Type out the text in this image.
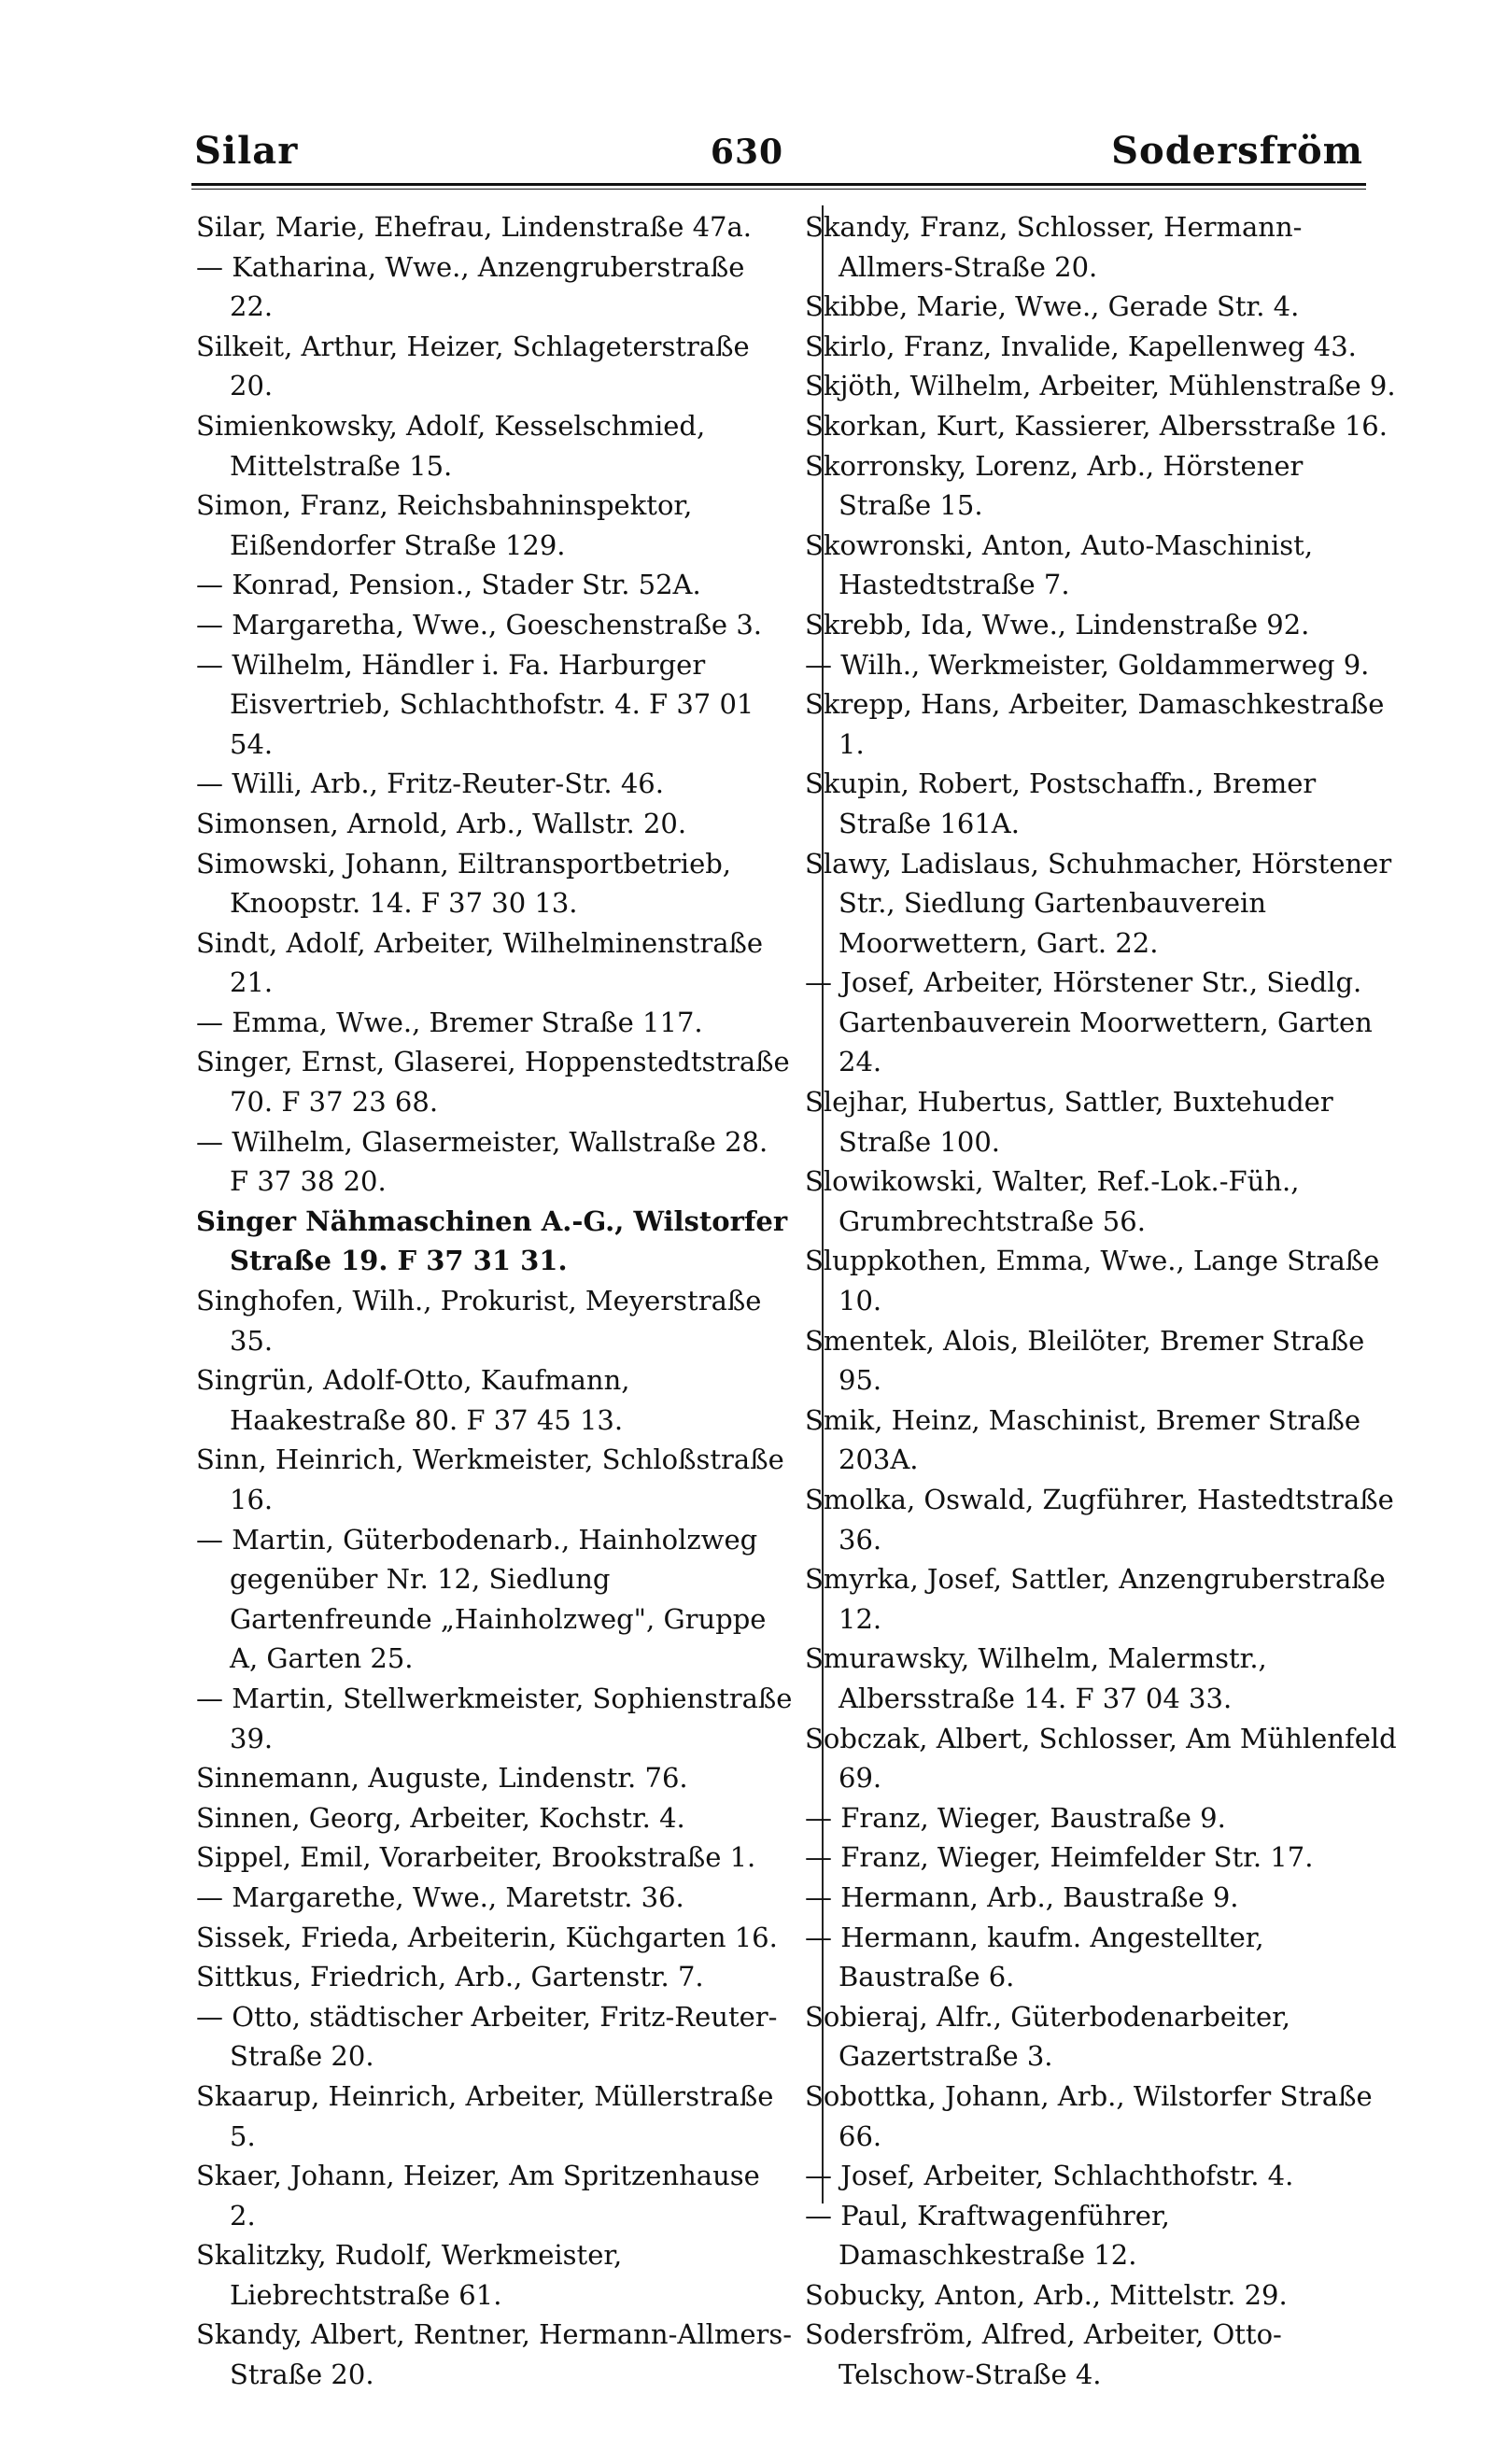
Silar	630	Sodersfröm

Silar, Marie, Ehefrau, Lindenstraße 47a.

— Katharina, Wwe., Anzengruberstraße 22.

Silkeit, Arthur, Heizer, Schlageterstraße 20.

Simienkowsky, Adolf, Kesselschmied, Mittelstraße 15.

Simon, Franz, Reichsbahninspektor, Eißendorfer Straße 129.

— Konrad, Pension., Stader Str. 52A.

— Margaretha, Wwe., Goeschenstraße 3.

— Wilhelm, Händler i. Fa. Harburger Eisvertrieb, Schlachthofstr. 4. F 37 01 54.

— Willi, Arb., Fritz-Reuter-Str. 46.

Simonsen, Arnold, Arb., Wallstr. 20.

Simowski, Johann, Eiltransportbetrieb, Knoopstr. 14. F 37 30 13.

Sindt, Adolf, Arbeiter, Wilhelminenstraße 21.

— Emma, Wwe., Bremer Straße 117.

Singer, Ernst, Glaserei, Hoppenstedtstraße 70. F 37 23 68.

— Wilhelm, Glasermeister, Wallstraße 28. F 37 38 20.

Singer Nähmaschinen A.-G., Wilstorfer Straße 19. F 37 31 31.

Singhofen, Wilh., Prokurist, Meyerstraße 35.

Singrün, Adolf-Otto, Kaufmann, Haakestraße 80. F 37 45 13.

Sinn, Heinrich, Werkmeister, Schloßstraße 16.

— Martin, Güterbodenarb., Hainholzweg gegenüber Nr. 12, Siedlung Gartenfreunde „Hainholzweg", Gruppe A, Garten 25.

— Martin, Stellwerkmeister, Sophienstraße 39.

Sinnemann, Auguste, Lindenstr. 76.

Sinnen, Georg, Arbeiter, Kochstr. 4.

Sippel, Emil, Vorarbeiter, Brookstraße 1.

— Margarethe, Wwe., Maretstr. 36.

Sissek, Frieda, Arbeiterin, Küchgarten 16.

Sittkus, Friedrich, Arb., Gartenstr. 7.

— Otto, städtischer Arbeiter, Fritz-Reuter-Straße 20.

Skaarup, Heinrich, Arbeiter, Müllerstraße 5.

Skaer, Johann, Heizer, Am Spritzenhause 2.

Skalitzky, Rudolf, Werkmeister, Liebrechtstraße 61.

Skandy, Albert, Rentner, Hermann-Allmers-Straße 20.

Skandy, Franz, Schlosser, Hermann-Allmers-Straße 20.

Skibbe, Marie, Wwe., Gerade Str. 4.

Skirlo, Franz, Invalide, Kapellenweg 43.

Skjöth, Wilhelm, Arbeiter, Mühlenstraße 9.

Skorkan, Kurt, Kassierer, Albersstraße 16.

Skorronsky, Lorenz, Arb., Hörstener Straße 15.

Skowronski, Anton, Auto-Maschinist, Hastedtstraße 7.

Skrebb, Ida, Wwe., Lindenstraße 92.

— Wilh., Werkmeister, Goldammerweg 9.

Skrepp, Hans, Arbeiter, Damaschkestraße 1.

Skupin, Robert, Postschaffn., Bremer Straße 161A.

Slawy, Ladislaus, Schuhmacher, Hörstener Str., Siedlung Gartenbauverein Moorwettern, Gart. 22.

— Josef, Arbeiter, Hörstener Str., Siedlg. Gartenbauverein Moorwettern, Garten 24.

Slejhar, Hubertus, Sattler, Buxtehuder Straße 100.

Slowikowski, Walter, Ref.-Lok.-Füh., Grumbrechtstraße 56.

Sluppkothen, Emma, Wwe., Lange Straße 10.

Smentek, Alois, Bleilöter, Bremer Straße 95.

Smik, Heinz, Maschinist, Bremer Straße 203A.

Smolka, Oswald, Zugführer, Hastedtstraße 36.

Smyrka, Josef, Sattler, Anzengruberstraße 12.

Smurawsky, Wilhelm, Malermstr., Albersstraße 14. F 37 04 33.

Sobczak, Albert, Schlosser, Am Mühlenfeld 69.

— Franz, Wieger, Baustraße 9.

— Franz, Wieger, Heimfelder Str. 17.

— Hermann, Arb., Baustraße 9.

— Hermann, kaufm. Angestellter, Baustraße 6.

Sobieraj, Alfr., Güterbodenarbeiter, Gazertstraße 3.

Sobottka, Johann, Arb., Wilstorfer Straße 66.

— Josef, Arbeiter, Schlachthofstr. 4.

— Paul, Kraftwagenführer, Damaschkestraße 12.

Sobucky, Anton, Arb., Mittelstr. 29.

Sodersfröm, Alfred, Arbeiter, Otto-Telschow-Straße 4.
